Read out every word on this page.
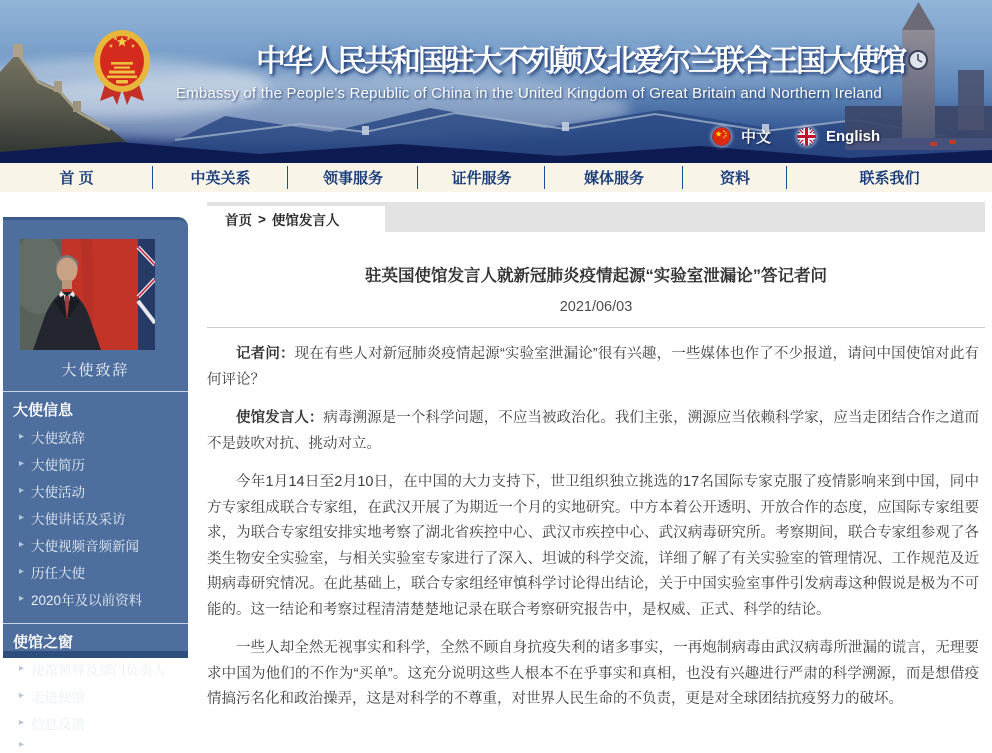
中华人民共和国驻大不列颠及北爱尔兰联合王国大使馆
Embassy of the People's Republic of China in the United Kingdom of Great Britain and Northern Ireland
中文	English
首 页	中英关系	领事服务	证件服务	媒体服务	资料	联系我们
大使致辞
大使信息
▸ 大使致辞
▸ 大使简历
▸ 大使活动
▸ 大使讲话及采访
▸ 大使视频音频新闻
▸ 历任大使
▸ 2020年及以前资料
使馆之窗
▸ 使馆领导及部门负责人
▸ 走进使馆
▸ 信息反馈
▸
首页 > 使馆发言人
驻英国使馆发言人就新冠肺炎疫情起源“实验室泄漏论”答记者问
2021/06/03

记者问：现在有些人对新冠肺炎疫情起源“实验室泄漏论”很有兴趣，一些媒体也作了不少报道，请问中国使馆对此有何评论？

使馆发言人：病毒溯源是一个科学问题，不应当被政治化。我们主张，溯源应当依赖科学家，应当走团结合作之道而不是鼓吹对抗、挑动对立。

今年1月14日至2月10日，在中国的大力支持下，世卫组织独立挑选的17名国际专家克服了疫情影响来到中国，同中方专家组成联合专家组，在武汉开展了为期近一个月的实地研究。中方本着公开透明、开放合作的态度，应国际专家组要求，为联合专家组安排实地考察了湖北省疾控中心、武汉市疾控中心、武汉病毒研究所。考察期间，联合专家组参观了各类生物安全实验室，与相关实验室专家进行了深入、坦诚的科学交流，详细了解了有关实验室的管理情况、工作规范及近期病毒研究情况。在此基础上，联合专家组经审慎科学讨论得出结论，关于中国实验室事件引发病毒这种假说是极为不可能的。这一结论和考察过程清清楚楚地记录在联合考察研究报告中，是权威、正式、科学的结论。

一些人却全然无视事实和科学，全然不顾自身抗疫失利的诸多事实，一再炮制病毒由武汉病毒所泄漏的谎言，无理要求中国为他们的不作为“买单”。这充分说明这些人根本不在乎事实和真相，也没有兴趣进行严肃的科学溯源，而是想借疫情搞污名化和政治操弄，这是对科学的不尊重，对世界人民生命的不负责，更是对全球团结抗疫努力的破坏。
